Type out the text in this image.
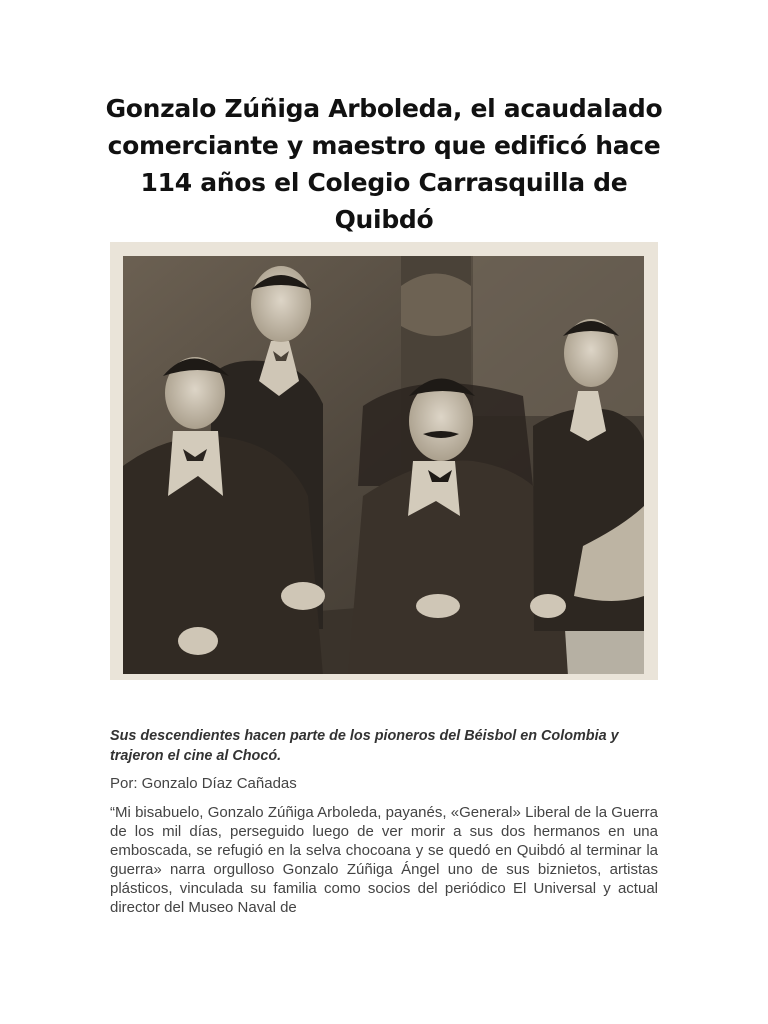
Gonzalo Zúñiga Arboleda, el acaudalado comerciante y maestro que edificó hace 114 años el Colegio Carrasquilla de Quibdó

Sus descendientes hacen parte de los pioneros del Béisbol en Colombia y trajeron el cine al Chocó.

Por: Gonzalo Díaz Cañadas

“Mi bisabuelo, Gonzalo Zúñiga Arboleda, payanés, «General» Liberal de la Guerra de los mil días, perseguido luego de ver morir a sus dos hermanos en una emboscada, se refugió en la selva chocoana y se quedó en Quibdó al terminar la guerra» narra orgulloso Gonzalo Zúñiga Ángel uno de sus biznietos, artistas plásticos, vinculada su familia como socios del periódico El Universal y actual director del Museo Naval de
